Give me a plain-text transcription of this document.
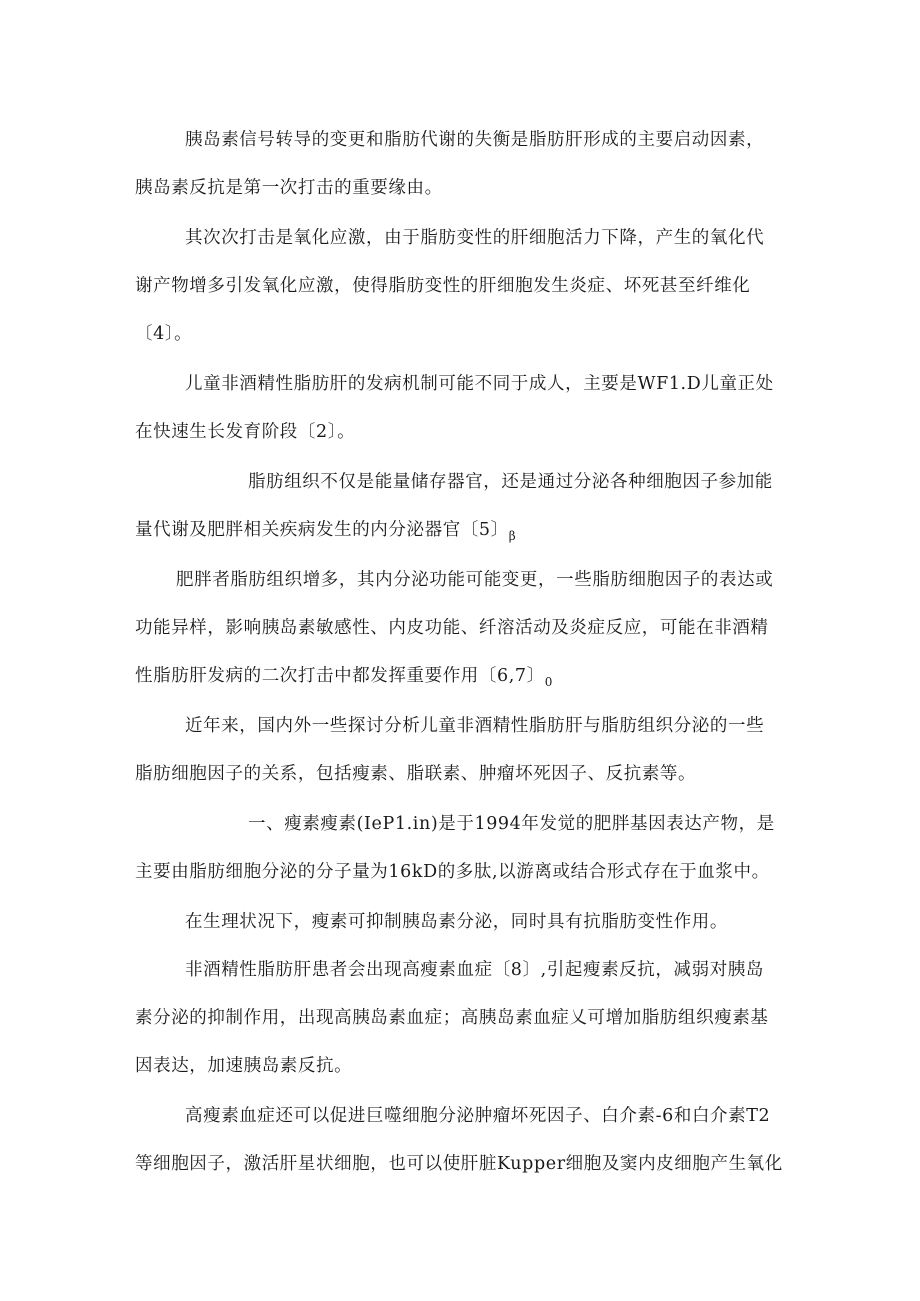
胰岛素信号转导的变更和脂肪代谢的失衡是脂肪肝形成的主要启动因素，
胰岛素反抗是第一次打击的重要缘由。
其次次打击是氧化应激，由于脂肪变性的肝细胞活力下降，产生的氧化代
谢产物增多引发氧化应激，使得脂肪变性的肝细胞发生炎症、坏死甚至纤维化
〔4〕。
儿童非酒精性脂肪肝的发病机制可能不同于成人，主要是WF1.D儿童正处
在快速生长发育阶段〔2〕。
脂肪组织不仅是能量储存器官，还是通过分泌各种细胞因子参加能
量代谢及肥胖相关疾病发生的内分泌器官〔5〕$_\beta$
肥胖者脂肪组织增多，其内分泌功能可能变更，一些脂肪细胞因子的表达或
功能异样，影响胰岛素敏感性、内皮功能、纤溶活动及炎症反应，可能在非酒精
性脂肪肝发病的二次打击中都发挥重要作用〔6,7〕$_0$
近年来，国内外一些探讨分析儿童非酒精性脂肪肝与脂肪组织分泌的一些
脂肪细胞因子的关系，包括瘦素、脂联素、肿瘤坏死因子、反抗素等。
一、瘦素瘦素(IeP1.in)是于1994年发觉的肥胖基因表达产物，是
主要由脂肪细胞分泌的分子量为16kD的多肽,以游离或结合形式存在于血浆中。
在生理状况下，瘦素可抑制胰岛素分泌，同时具有抗脂肪变性作用。
非酒精性脂肪肝患者会出现高瘦素血症〔8〕,引起瘦素反抗，减弱对胰岛
素分泌的抑制作用，出现高胰岛素血症；高胰岛素血症乂可增加脂肪组织瘦素基
因表达，加速胰岛素反抗。
高瘦素血症还可以促进巨噬细胞分泌肿瘤坏死因子、白介素-6和白介素T2
等细胞因子，激活肝星状细胞，也可以使肝脏Kupper细胞及窦内皮细胞产生氧化
